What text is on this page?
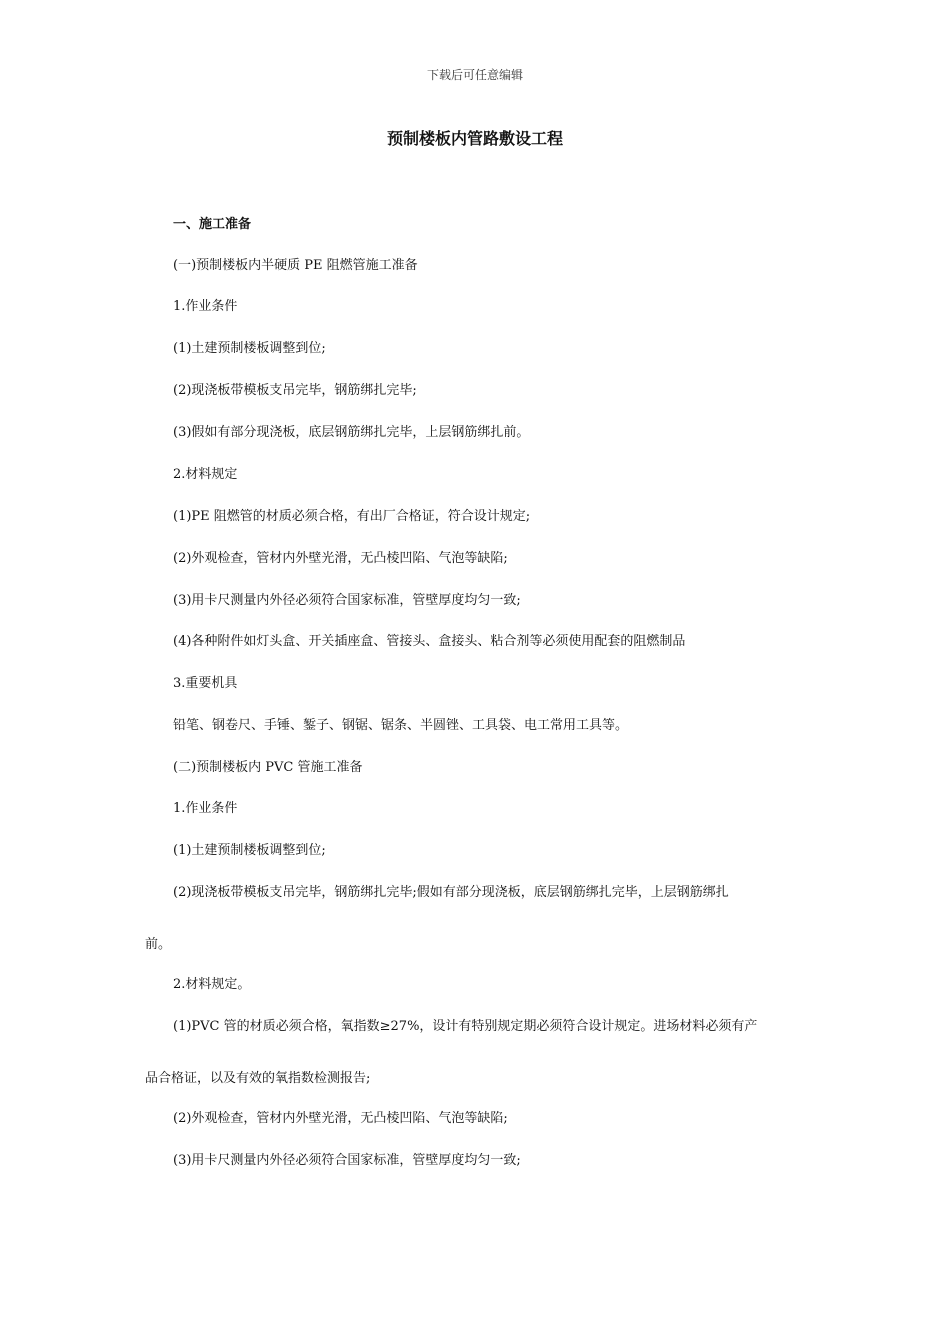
下载后可任意编辑
预制楼板内管路敷设工程
一、施工准备
(一)预制楼板内半硬质 PE 阻燃管施工准备
1.作业条件
(1)土建预制楼板调整到位;
(2)现浇板带模板支吊完毕，钢筋绑扎完毕;
(3)假如有部分现浇板，底层钢筋绑扎完毕，上层钢筋绑扎前。
2.材料规定
(1)PE 阻燃管的材质必须合格，有出厂合格证，符合设计规定;
(2)外观检查，管材内外壁光滑，无凸棱凹陷、气泡等缺陷;
(3)用卡尺测量内外径必须符合国家标准，管壁厚度均匀一致;
(4)各种附件如灯头盒、开关插座盒、管接头、盒接头、粘合剂等必须使用配套的阻燃制品
3.重要机具
铅笔、钢卷尺、手锤、錾子、钢锯、锯条、半圆锉、工具袋、电工常用工具等。
(二)预制楼板内 PVC 管施工准备
1.作业条件
(1)土建预制楼板调整到位;
(2)现浇板带模板支吊完毕，钢筋绑扎完毕;假如有部分现浇板，底层钢筋绑扎完毕，上层钢筋绑扎
前。
2.材料规定。
(1)PVC 管的材质必须合格，氧指数≥27%，设计有特别规定期必须符合设计规定。进场材料必须有产
品合格证，以及有效的氧指数检测报告;
(2)外观检查，管材内外壁光滑，无凸棱凹陷、气泡等缺陷;
(3)用卡尺测量内外径必须符合国家标准，管壁厚度均匀一致;
